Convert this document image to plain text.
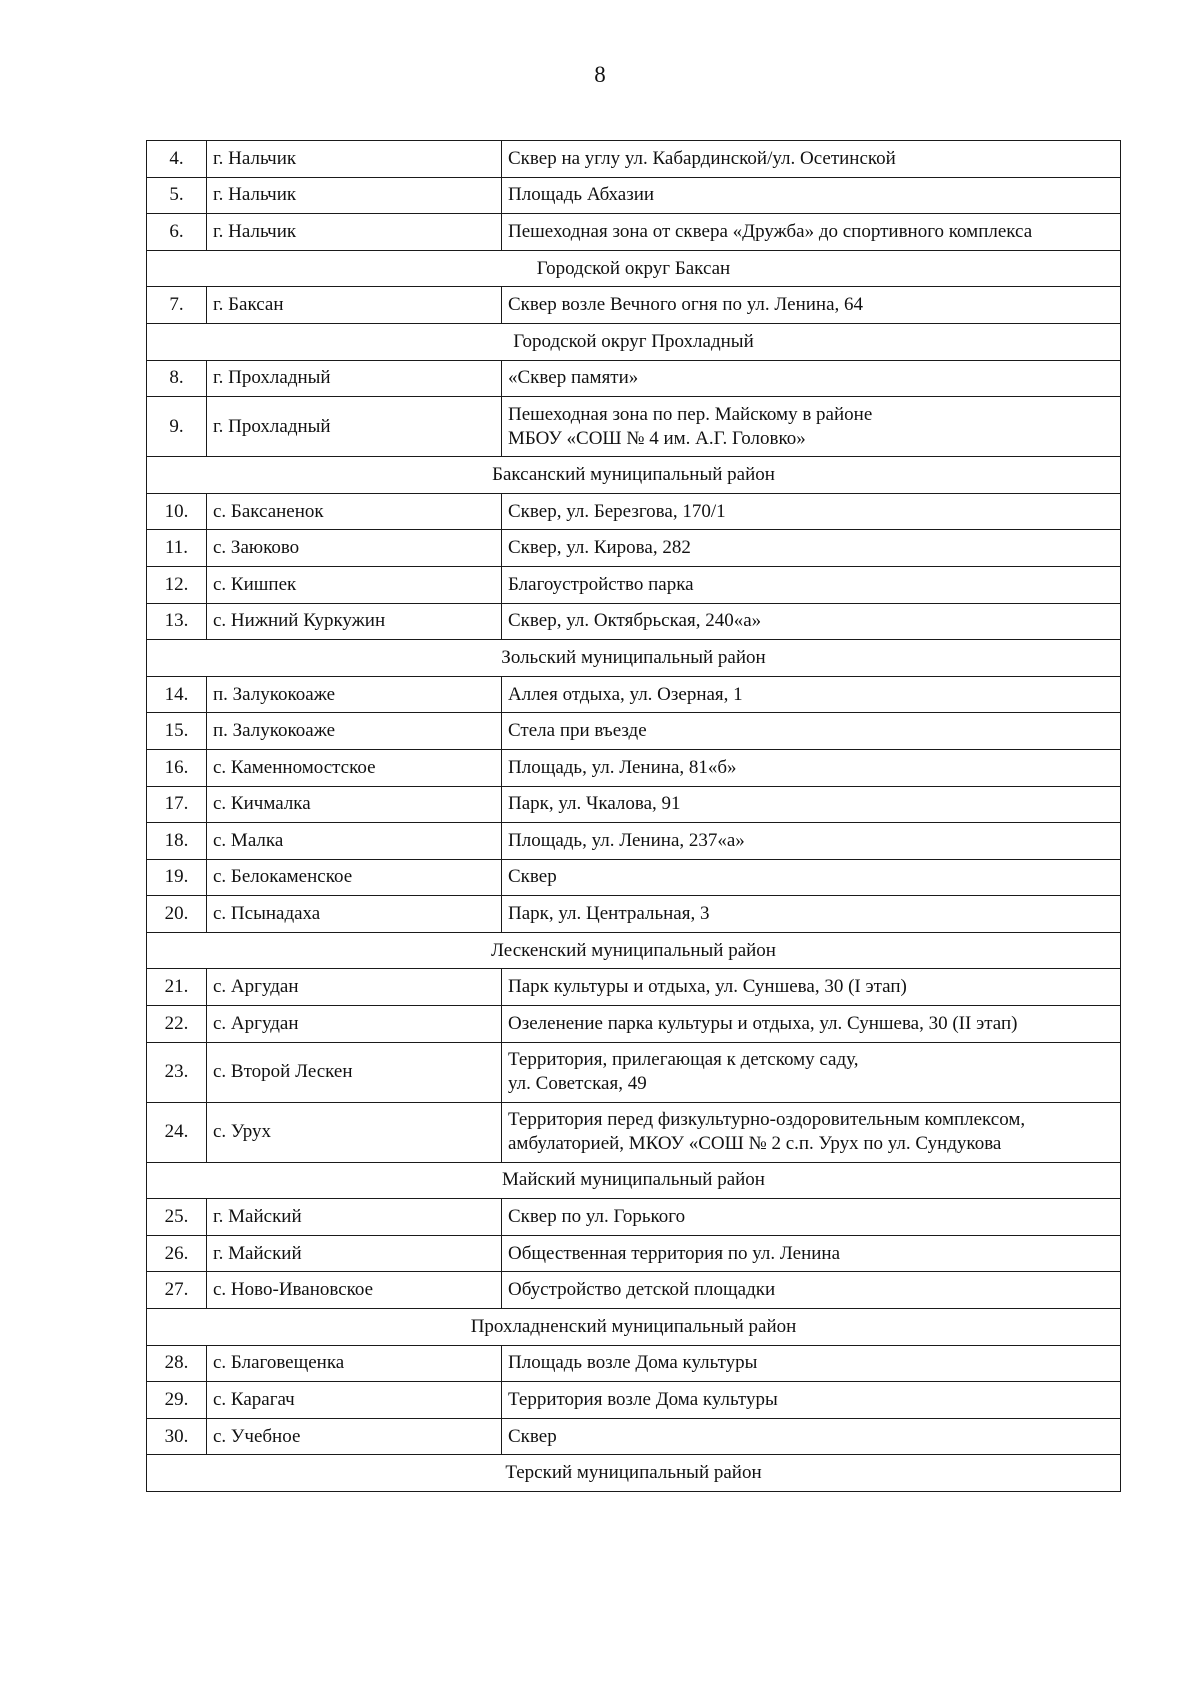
8
4.	г. Нальчик	Сквер на углу ул. Кабардинской/ул. Осетинской

5.	г. Нальчик	Площадь Абхазии

6.	г. Нальчик	Пешеходная зона от сквера «Дружба» до спортивного комплекса

Городской округ Баксан		
7.	г. Баксан	Сквер возле Вечного огня по ул. Ленина, 64

Городской округ Прохладный		
8.	г. Прохладный	«Сквер памяти»

9.	г. Прохладный	Пешеходная зона по пер. Майскому в районе
МБОУ «СОШ № 4 им. А.Г. Головко»

Баксанский муниципальный район		
10.	с. Баксаненок	Сквер, ул. Березгова, 170/1

11.	с. Заюково	Сквер, ул. Кирова, 282

12.	с. Кишпек	Благоустройство парка

13.	с. Нижний Куркужин	Сквер, ул. Октябрьская, 240«а»

Зольский муниципальный район		
14.	п. Залукокоаже	Аллея отдыха, ул. Озерная, 1

15.	п. Залукокоаже	Стела при въезде

16.	с. Каменномостское	Площадь, ул. Ленина, 81«б»

17.	с. Кичмалка	Парк, ул. Чкалова, 91

18.	с. Малка	Площадь, ул. Ленина, 237«а»

19.	с. Белокаменское	Сквер

20.	с. Псынадаха	Парк, ул. Центральная, 3

Лескенский муниципальный район		
21.	с. Аргудан	Парк культуры и отдыха, ул. Суншева, 30 (I этап)

22.	с. Аргудан	Озеленение парка культуры и отдыха, ул. Суншева, 30 (II этап)

23.	с. Второй Лескен	Территория, прилегающая к детскому саду,
ул. Советская, 49

24.	с. Урух	Территория перед физкультурно-оздоровительным комплексом,
амбулаторией, МКОУ «СОШ № 2 с.п. Урух по ул. Сундукова

Майский муниципальный район		
25.	г. Майский	Сквер по ул. Горького

26.	г. Майский	Общественная территория по ул. Ленина

27.	с. Ново-Ивановское	Обустройство детской площадки

Прохладненский муниципальный район		
28.	с. Благовещенка	Площадь возле Дома культуры

29.	с. Карагач	Территория возле Дома культуры

30.	с. Учебное	Сквер

Терский муниципальный район		
